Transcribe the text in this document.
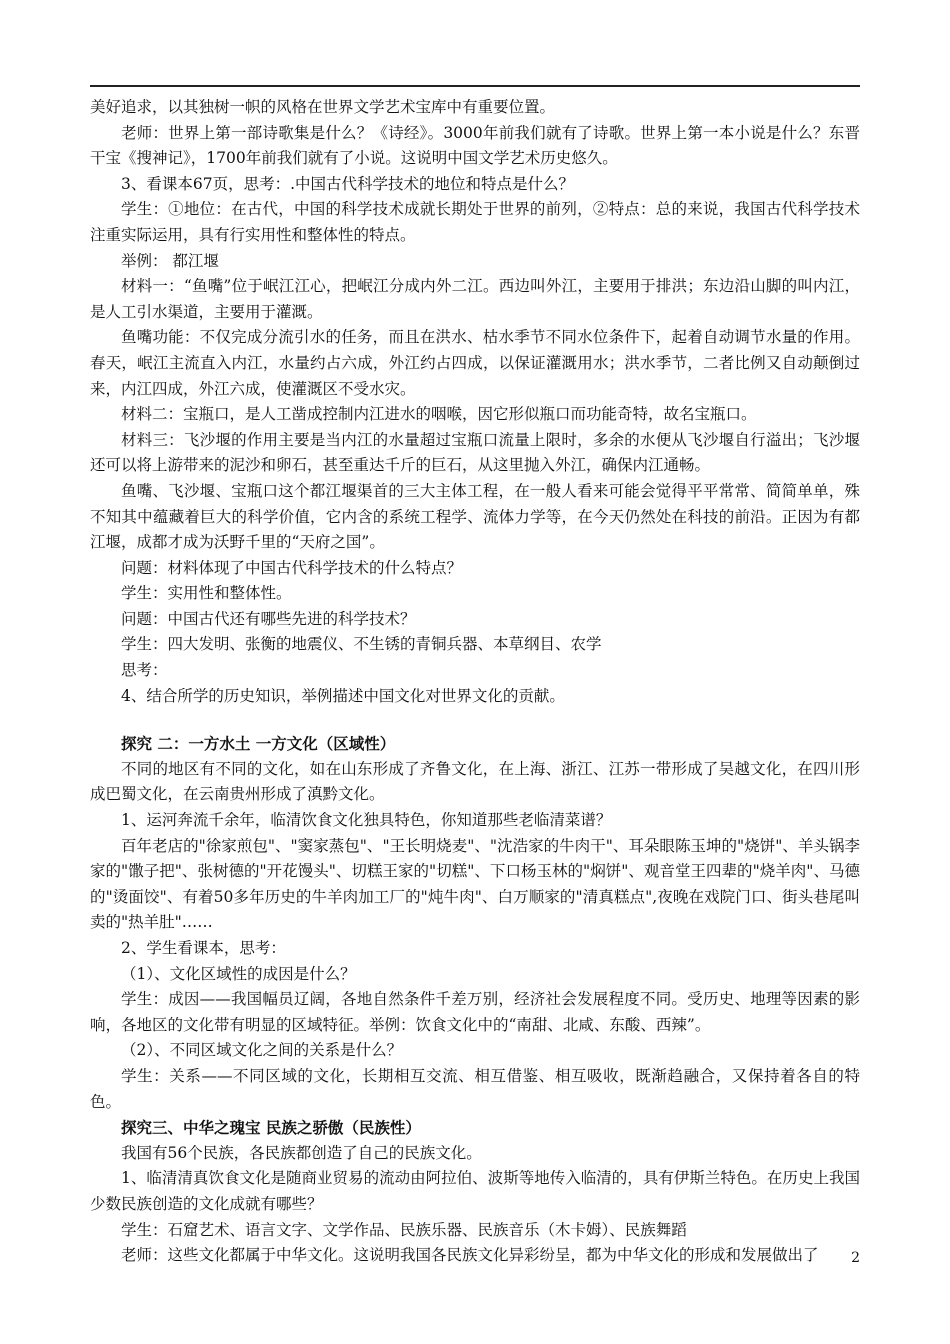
美好追求，以其独树一帜的风格在世界文学艺术宝库中有重要位置。

老师：世界上第一部诗歌集是什么？《诗经》。3000年前我们就有了诗歌。世界上第一本小说是什么？东晋干宝《搜神记》，1700年前我们就有了小说。这说明中国文学艺术历史悠久。

3、看课本67页，思考：.中国古代科学技术的地位和特点是什么？

学生：①地位：在古代，中国的科学技术成就长期处于世界的前列，②特点：总的来说，我国古代科学技术注重实际运用，具有行实用性和整体性的特点。

举例： 都江堰

材料一：“鱼嘴”位于岷江江心，把岷江分成内外二江。西边叫外江，主要用于排洪；东边沿山脚的叫内江，是人工引水渠道，主要用于灌溉。

鱼嘴功能：不仅完成分流引水的任务，而且在洪水、枯水季节不同水位条件下，起着自动调节水量的作用。春天，岷江主流直入内江，水量约占六成，外江约占四成，以保证灌溉用水；洪水季节，二者比例又自动颠倒过来，内江四成，外江六成，使灌溉区不受水灾。

材料二：宝瓶口，是人工凿成控制内江进水的咽喉，因它形似瓶口而功能奇特，故名宝瓶口。

材料三：飞沙堰的作用主要是当内江的水量超过宝瓶口流量上限时，多余的水便从飞沙堰自行溢出；飞沙堰还可以将上游带来的泥沙和卵石，甚至重达千斤的巨石，从这里抛入外江，确保内江通畅。

鱼嘴、飞沙堰、宝瓶口这个都江堰渠首的三大主体工程，在一般人看来可能会觉得平平常常、简简单单，殊不知其中蕴藏着巨大的科学价值，它内含的系统工程学、流体力学等，在今天仍然处在科技的前沿。正因为有都江堰，成都才成为沃野千里的“天府之国”。

问题：材料体现了中国古代科学技术的什么特点？

学生：实用性和整体性。

问题：中国古代还有哪些先进的科学技术？

学生：四大发明、张衡的地震仪、不生锈的青铜兵器、本草纲目、农学

思考：

4、结合所学的历史知识，举例描述中国文化对世界文化的贡献。

探究 二：一方水土 一方文化（区域性）

不同的地区有不同的文化，如在山东形成了齐鲁文化，在上海、浙江、江苏一带形成了吴越文化，在四川形成巴蜀文化，在云南贵州形成了滇黔文化。

1、运河奔流千余年，临清饮食文化独具特色，你知道那些老临清菜谱？

百年老店的"徐家煎包"、"窦家蒸包"、"王长明烧麦"、"沈浩家的牛肉干"、耳朵眼陈玉坤的"烧饼"、羊头锅李家的"馓子把"、张树德的"开花馒头"、切糕王家的"切糕"、下口杨玉林的"焖饼"、观音堂王四辈的"烧羊肉"、马德的"烫面饺"、有着50多年历史的牛羊肉加工厂的"炖牛肉"、白万顺家的"清真糕点",夜晚在戏院门口、街头巷尾叫卖的"热羊肚"……

2、学生看课本，思考：

（1）、文化区域性的成因是什么？

学生：成因——我国幅员辽阔，各地自然条件千差万别，经济社会发展程度不同。受历史、地理等因素的影响，各地区的文化带有明显的区域特征。举例：饮食文化中的“南甜、北咸、东酸、西辣”。

（2）、不同区域文化之间的关系是什么？

学生：关系——不同区域的文化，长期相互交流、相互借鉴、相互吸收，既渐趋融合，又保持着各自的特色。

探究三、中华之瑰宝 民族之骄傲（民族性）

我国有56个民族，各民族都创造了自己的民族文化。

1、临清清真饮食文化是随商业贸易的流动由阿拉伯、波斯等地传入临清的，具有伊斯兰特色。在历史上我国少数民族创造的文化成就有哪些？

学生：石窟艺术、语言文字、文学作品、民族乐器、民族音乐（木卡姆）、民族舞蹈

老师：这些文化都属于中华文化。这说明我国各民族文化异彩纷呈，都为中华文化的形成和发展做出了	2
